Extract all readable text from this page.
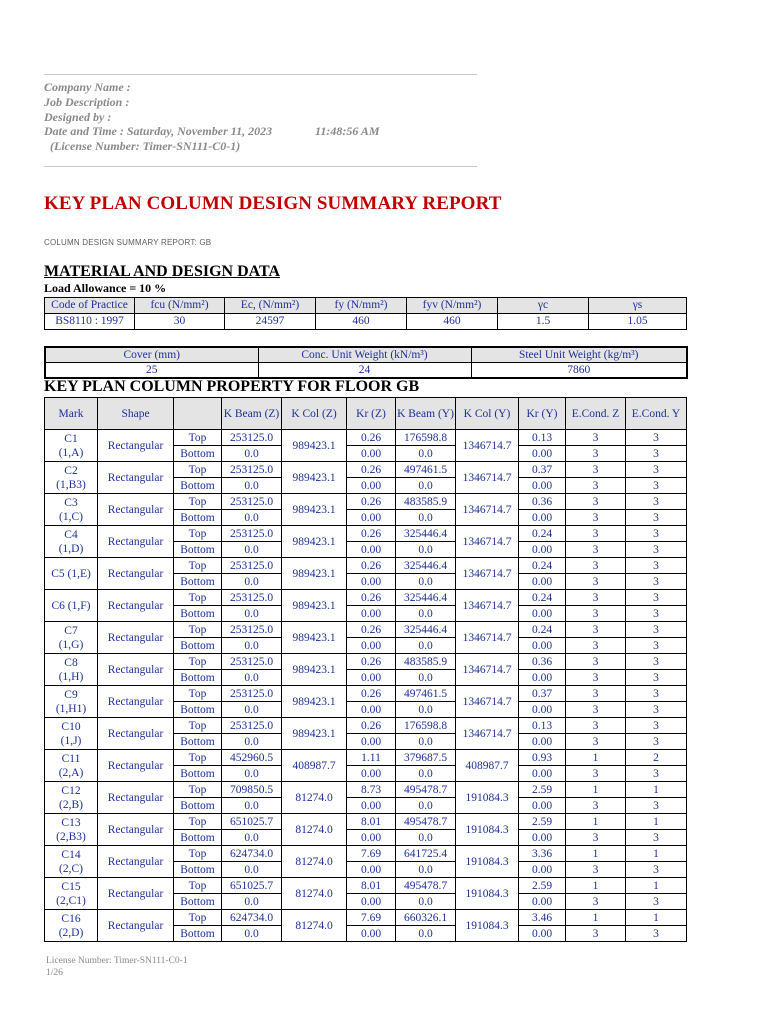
Company Name :
Job Description :
Designed by :
Date and Time : Saturday, November 11, 2023	11:48:56 AM
(License Number: Timer-SN111-C0-1)
KEY PLAN COLUMN DESIGN SUMMARY REPORT
COLUMN DESIGN SUMMARY REPORT: GB
MATERIAL AND DESIGN DATA
Load Allowance = 10 %
Code of Practice	fcu (N/mm²)	Ec, (N/mm²)	fy (N/mm²)	fyv (N/mm²)	γc	γs
BS8110 : 1997	30	24597	460	460	1.5	1.05
Cover (mm)	Conc. Unit Weight (kN/m³)	Steel Unit Weight (kg/m³)
25	24	7860
KEY PLAN COLUMN PROPERTY FOR FLOOR GB
Mark	Shape		K Beam (Z)	K Col (Z)	Kr (Z)	K Beam (Y)	K Col (Y)	Kr (Y)	E.Cond. Z	E.Cond. Y
C1
(1,A)	Rectangular	Top	253125.0	989423.1	0.26	176598.8	1346714.7	0.13	3	3
		Bottom	0.0		0.00	0.0		0.00	3	3
C2
(1,B3)	Rectangular	Top	253125.0	989423.1	0.26	497461.5	1346714.7	0.37	3	3
		Bottom	0.0		0.00	0.0		0.00	3	3
C3
(1,C)	Rectangular	Top	253125.0	989423.1	0.26	483585.9	1346714.7	0.36	3	3
		Bottom	0.0		0.00	0.0		0.00	3	3
C4
(1,D)	Rectangular	Top	253125.0	989423.1	0.26	325446.4	1346714.7	0.24	3	3
		Bottom	0.0		0.00	0.0		0.00	3	3
C5 (1,E)	Rectangular	Top	253125.0	989423.1	0.26	325446.4	1346714.7	0.24	3	3
		Bottom	0.0		0.00	0.0		0.00	3	3
C6 (1,F)	Rectangular	Top	253125.0	989423.1	0.26	325446.4	1346714.7	0.24	3	3
		Bottom	0.0		0.00	0.0		0.00	3	3
C7
(1,G)	Rectangular	Top	253125.0	989423.1	0.26	325446.4	1346714.7	0.24	3	3
		Bottom	0.0		0.00	0.0		0.00	3	3
C8
(1,H)	Rectangular	Top	253125.0	989423.1	0.26	483585.9	1346714.7	0.36	3	3
		Bottom	0.0		0.00	0.0		0.00	3	3
C9
(1,H1)	Rectangular	Top	253125.0	989423.1	0.26	497461.5	1346714.7	0.37	3	3
		Bottom	0.0		0.00	0.0		0.00	3	3
C10
(1,J)	Rectangular	Top	253125.0	989423.1	0.26	176598.8	1346714.7	0.13	3	3
		Bottom	0.0		0.00	0.0		0.00	3	3
C11
(2,A)	Rectangular	Top	452960.5	408987.7	1.11	379687.5	408987.7	0.93	1	2
		Bottom	0.0		0.00	0.0		0.00	3	3
C12
(2,B)	Rectangular	Top	709850.5	81274.0	8.73	495478.7	191084.3	2.59	1	1
		Bottom	0.0		0.00	0.0		0.00	3	3
C13
(2,B3)	Rectangular	Top	651025.7	81274.0	8.01	495478.7	191084.3	2.59	1	1
		Bottom	0.0		0.00	0.0		0.00	3	3
C14
(2,C)	Rectangular	Top	624734.0	81274.0	7.69	641725.4	191084.3	3.36	1	1
		Bottom	0.0		0.00	0.0		0.00	3	3
C15
(2,C1)	Rectangular	Top	651025.7	81274.0	8.01	495478.7	191084.3	2.59	1	1
		Bottom	0.0		0.00	0.0		0.00	3	3
C16
(2,D)	Rectangular	Top	624734.0	81274.0	7.69	660326.1	191084.3	3.46	1	1
		Bottom	0.0		0.00	0.0		0.00	3	3
License Number: Timer-SN111-C0-1
1/26
